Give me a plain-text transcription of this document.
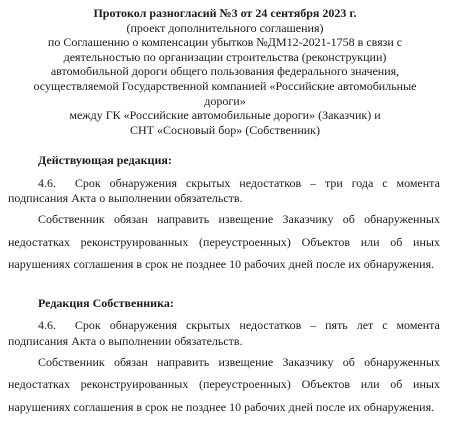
Протокол разногласий №3 от 24 сентября 2023 г.
(проект дополнительного соглашения)
по Соглашению о компенсации убытков №ДМ12-2021-1758 в связи с
деятельностью по организации строительства (реконструкции)
автомобильной дороги общего пользования федерального значения,
осуществляемой Государственной компанией «Российские автомобильные
дороги»
между ГК «Российские автомобильные дороги» (Заказчик) и
СНТ «Сосновый бор» (Собственник)
Действующая редакция:
4.6. Срок обнаружения скрытых недостатков – три года с момента
подписания Акта о выполнении обязательств.
Собственник обязан направить извещение Заказчику об обнаруженных
недостатках реконструированных (переустроенных) Объектов или об иных
нарушениях соглашения в срок не позднее 10 рабочих дней после их обнаружения.
Редакция Собственника:
4.6. Срок обнаружения скрытых недостатков – пять лет с момента
подписания Акта о выполнении обязательств.
Собственник обязан направить извещение Заказчику об обнаруженных
недостатках реконструированных (переустроенных) Объектов или об иных
нарушениях соглашения в срок не позднее 10 рабочих дней после их обнаружения.
